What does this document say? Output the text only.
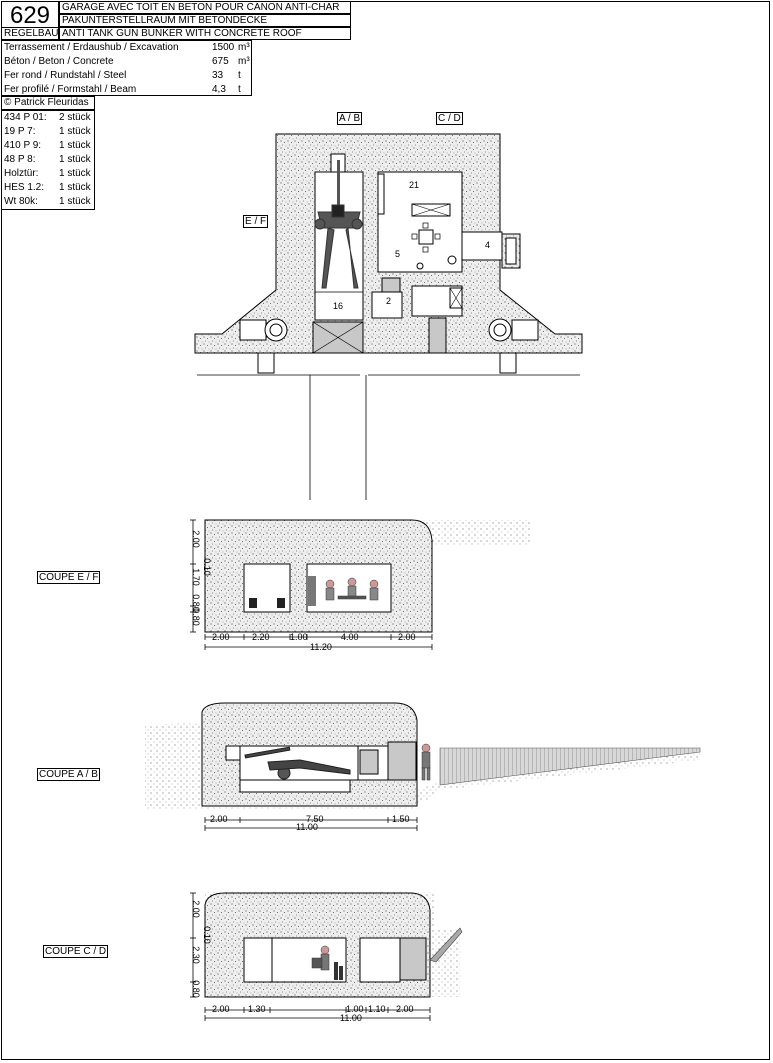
629	GARAGE AVEC TOIT EN BETON POUR CANON ANTI-CHAR
PAKUNTERSTELLRAUM MIT BETONDECKE
ANTI TANK GUN BUNKER WITH CONCRETE ROOF
REGELBAU
Terrassement / Erdaushub / Excavation	1500 m³
Béton / Beton / Concrete	675 m³
Fer rond / Rundstahl / Steel	33 t
Fer profilé / Formstahl / Beam	4,3 t
© Patrick Fleuridas
434 P 01: 2 stück
19 P 7: 1 stück
410 P 9: 1 stück
48 P 8: 1 stück
Holztür: 1 stück
HES 1.2: 1 stück
Wt 80k: 1 stück
A / B	C / D
E / F
21
5
4
16	2
COUPE E / F
COUPE A / B
COUPE C / D
2.00 2.20 1.00	4.00	2.00
11.20
2.00
1.70
0.10
0.80
0.80
2.00	7.50	1.50
11.00
2.00 1.30	1.00 1.10 2.00
11.00
2.00
0.10
2.30
0.80
